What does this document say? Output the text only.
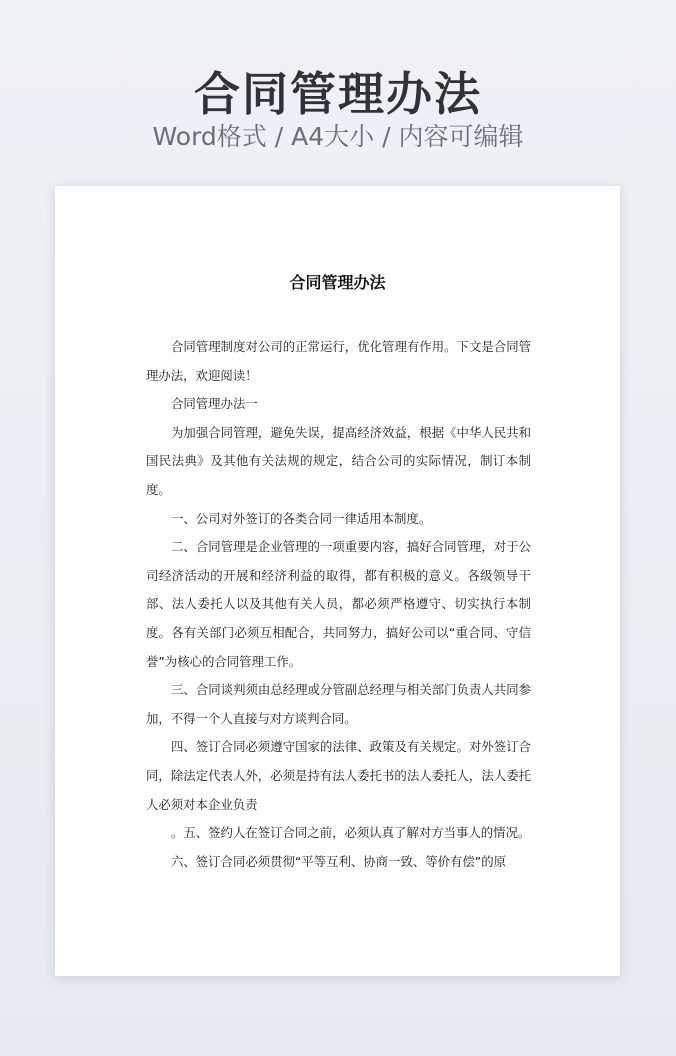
合同管理办法
Word格式 / A4大小 / 内容可编辑
合同管理办法

合同管理制度对公司的正常运行，优化管理有作用。下文是合同管理办法，欢迎阅读！

合同管理办法一

为加强合同管理，避免失误，提高经济效益，根据《中华人民共和国民法典》及其他有关法规的规定，结合公司的实际情况，制订本制度。

一、公司对外签订的各类合同一律适用本制度。

二、合同管理是企业管理的一项重要内容，搞好合同管理，对于公司经济活动的开展和经济利益的取得，都有积极的意义。各级领导干部、法人委托人以及其他有关人员，都必须严格遵守、切实执行本制度。各有关部门必须互相配合，共同努力，搞好公司以“重合同、守信誉”为核心的合同管理工作。

三、合同谈判须由总经理或分管副总经理与相关部门负责人共同参加，不得一个人直接与对方谈判合同。

四、签订合同必须遵守国家的法律、政策及有关规定。对外签订合同，除法定代表人外，必须是持有法人委托书的法人委托人，法人委托人必须对本企业负责

。五、签约人在签订合同之前，必须认真了解对方当事人的情况。

六、签订合同必须贯彻“平等互利、协商一致、等价有偿”的原
